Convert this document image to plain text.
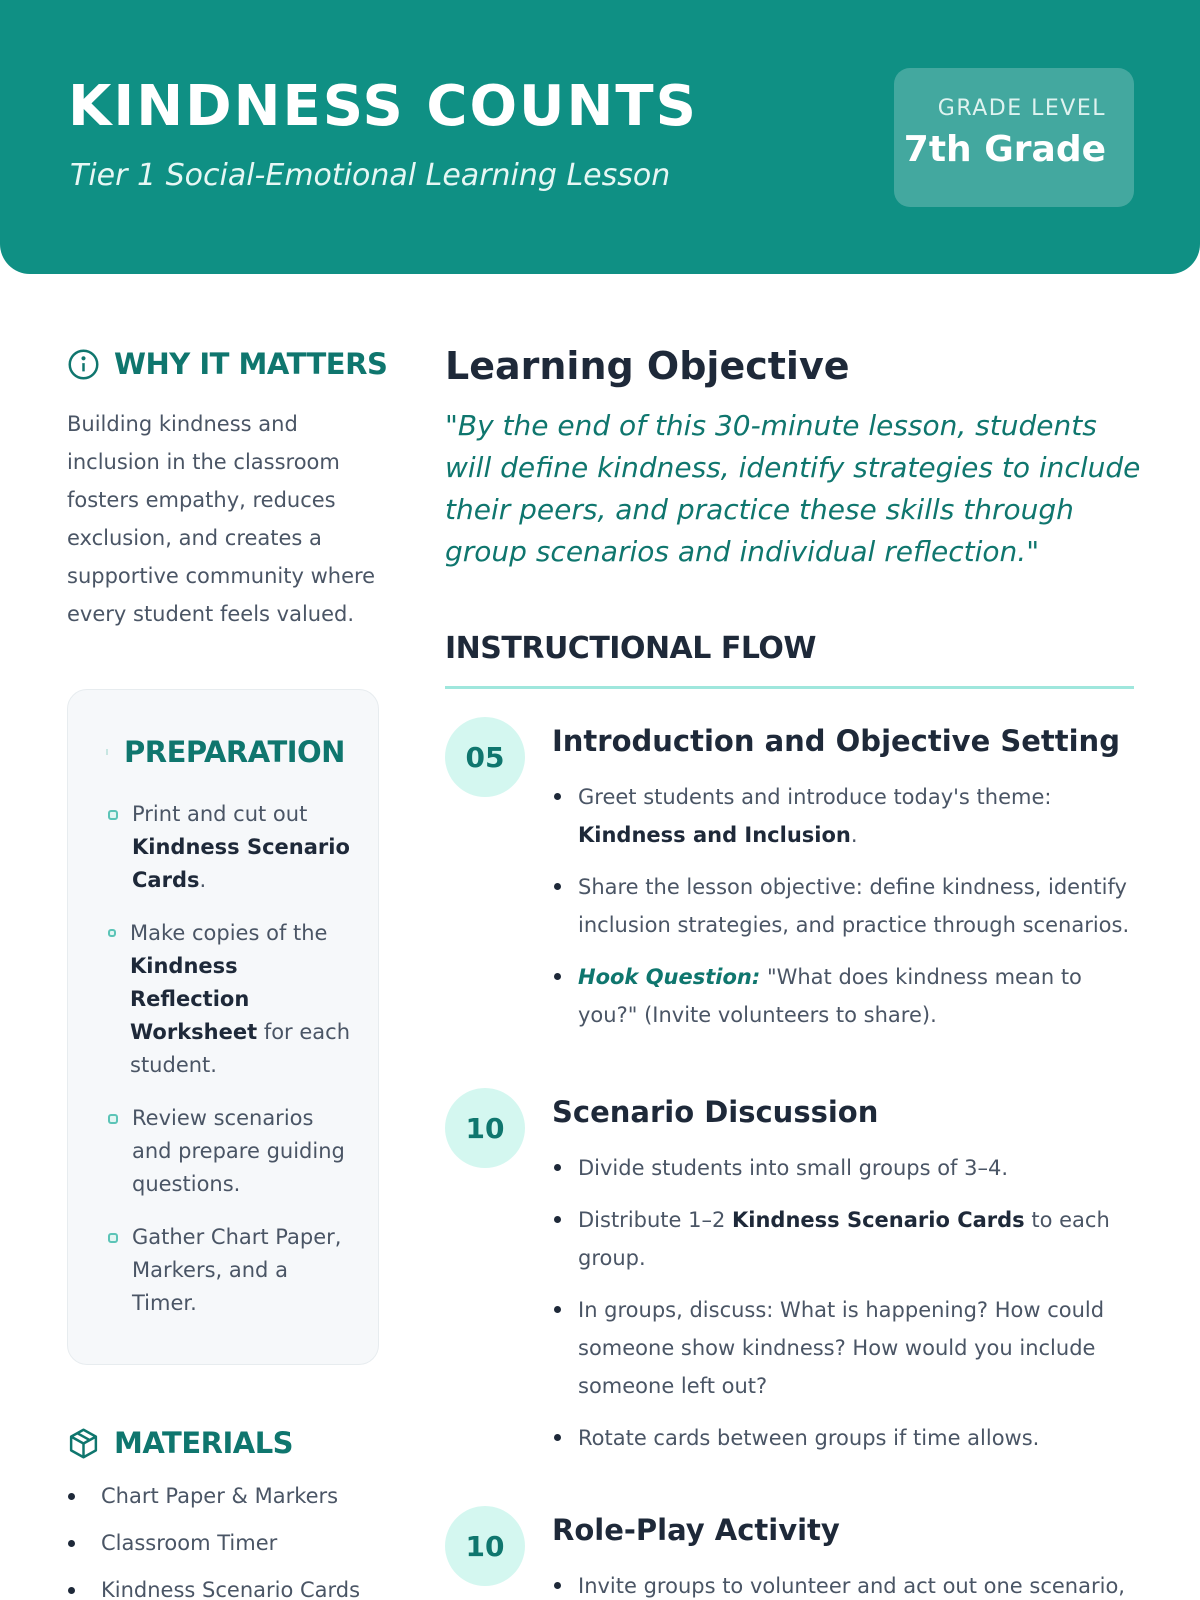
KINDNESS COUNTS
Tier 1 Social-Emotional Learning Lesson
GRADE LEVEL
7th Grade
WHY IT MATTERS
Building kindness and inclusion in the classroom fosters empathy, reduces exclusion, and creates a supportive community where every student feels valued.
PREPARATION
Print and cut out Kindness Scenario Cards.
Make copies of the Kindness Reflection Worksheet for each student.
Review scenarios and prepare guiding questions.
Gather Chart Paper, Markers, and a Timer.
MATERIALS
Chart Paper & Markers
Classroom Timer
Kindness Scenario Cards
Learning Objective
"By the end of this 30-minute lesson, students will define kindness, identify strategies to include their peers, and practice these skills through group scenarios and individual reflection."
INSTRUCTIONAL FLOW
05	Introduction and Objective Setting
Greet students and introduce today's theme:
Kindness and Inclusion.
Share the lesson objective: define kindness, identify inclusion strategies, and practice through scenarios.
Hook Question: "What does kindness mean to you?" (Invite volunteers to share).
10	Scenario Discussion
Divide students into small groups of 3–4.
Distribute 1–2 Kindness Scenario Cards to each group.
In groups, discuss: What is happening? How could someone show kindness? How would you include someone left out?
Rotate cards between groups if time allows.
10	Role-Play Activity
Invite groups to volunteer and act out one scenario,
